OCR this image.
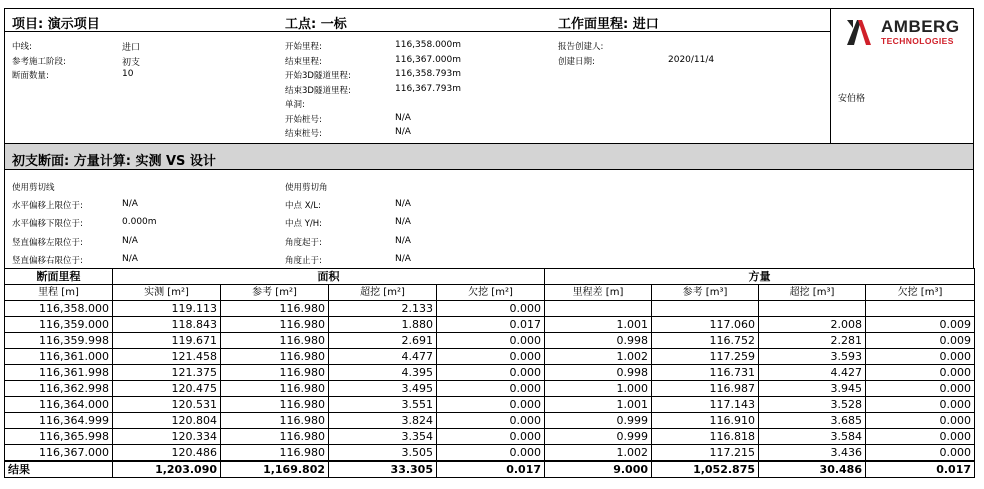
项目: 演示项目	工点: 一标	工作面里程: 进口
中线:	进口
参考施工阶段:	初支
断面数量:	10
开始里程:	116,358.000m
结束里程:	116,367.000m
开始3D隧道里程:	116,358.793m
结束3D隧道里程:	116,367.793m
单洞:
开始桩号:	N/A
结束桩号:	N/A
报告创建人:
创建日期:	2020/11/4
AMBERG
TECHNOLOGIES
安伯格
初支断面: 方量计算: 实测 VS 设计
使用剪切线
水平偏移上限位于:	N/A
水平偏移下限位于:	0.000m
竖直偏移左限位于:	N/A
竖直偏移右限位于:	N/A
使用剪切角
中点 X/L:	N/A
中点 Y/H:	N/A
角度起于:	N/A
角度止于:	N/A
断面里程	面积				方量			
里程 [m]	实测 [m²]	参考 [m²]	超挖 [m²]	欠挖 [m²]	里程差 [m]	参考 [m³]	超挖 [m³]	欠挖 [m³]
116,358.000	119.113	116.980	2.133	0.000				
116,359.000	118.843	116.980	1.880	0.017	1.001	117.060	2.008	0.009
116,359.998	119.671	116.980	2.691	0.000	0.998	116.752	2.281	0.009
116,361.000	121.458	116.980	4.477	0.000	1.002	117.259	3.593	0.000
116,361.998	121.375	116.980	4.395	0.000	0.998	116.731	4.427	0.000
116,362.998	120.475	116.980	3.495	0.000	1.000	116.987	3.945	0.000
116,364.000	120.531	116.980	3.551	0.000	1.001	117.143	3.528	0.000
116,364.999	120.804	116.980	3.824	0.000	0.999	116.910	3.685	0.000
116,365.998	120.334	116.980	3.354	0.000	0.999	116.818	3.584	0.000
116,367.000	120.486	116.980	3.505	0.000	1.002	117.215	3.436	0.000
结果	1,203.090	1,169.802	33.305	0.017	9.000	1,052.875	30.486	0.017
